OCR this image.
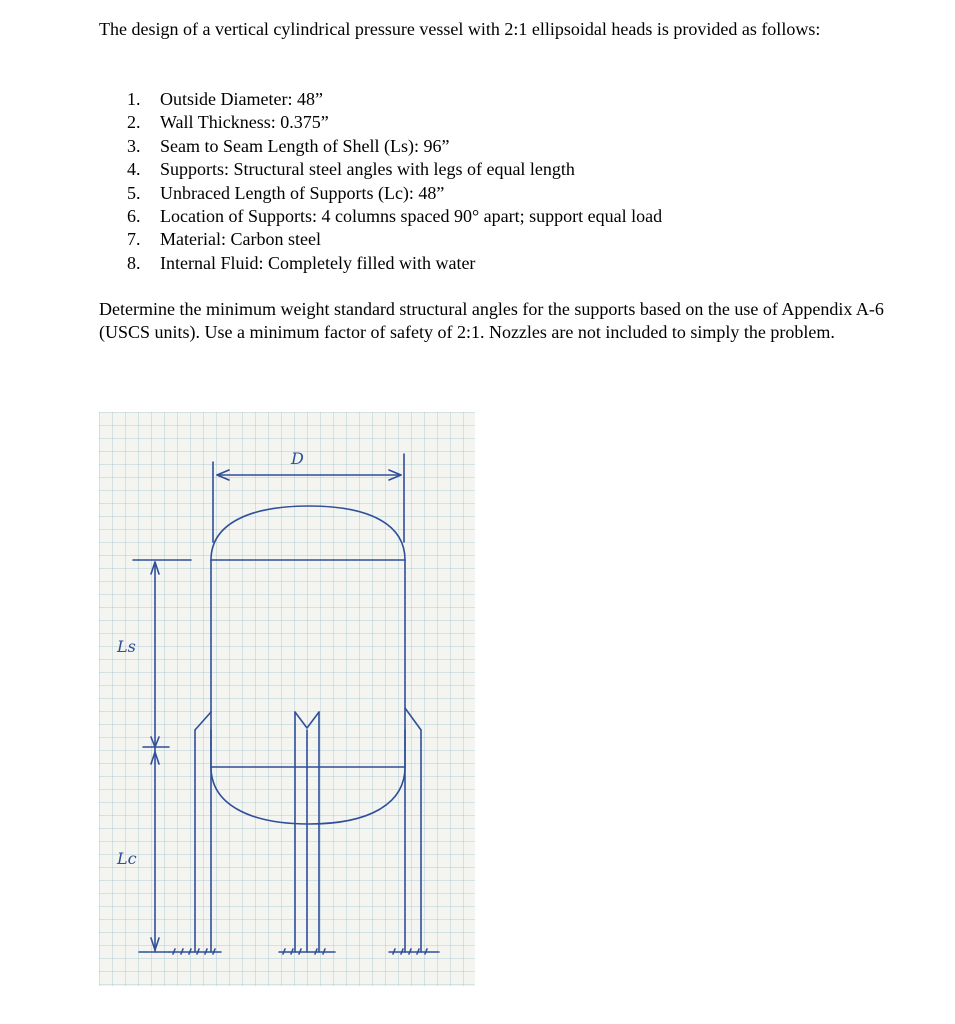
The design of a vertical cylindrical pressure vessel with 2:1 ellipsoidal heads is provided as follows:

1. Outside Diameter: 48”
2. Wall Thickness: 0.375”
3. Seam to Seam Length of Shell (Ls): 96”
4. Supports: Structural steel angles with legs of equal length
5. Unbraced Length of Supports (Lc): 48”
6. Location of Supports: 4 columns spaced 90° apart; support equal load
7. Material: Carbon steel
8. Internal Fluid: Completely filled with water

Determine the minimum weight standard structural angles for the supports based on the use of Appendix A-6 (USCS units). Use a minimum factor of safety of 2:1. Nozzles are not included to simply the problem.

D
Ls
Lc
